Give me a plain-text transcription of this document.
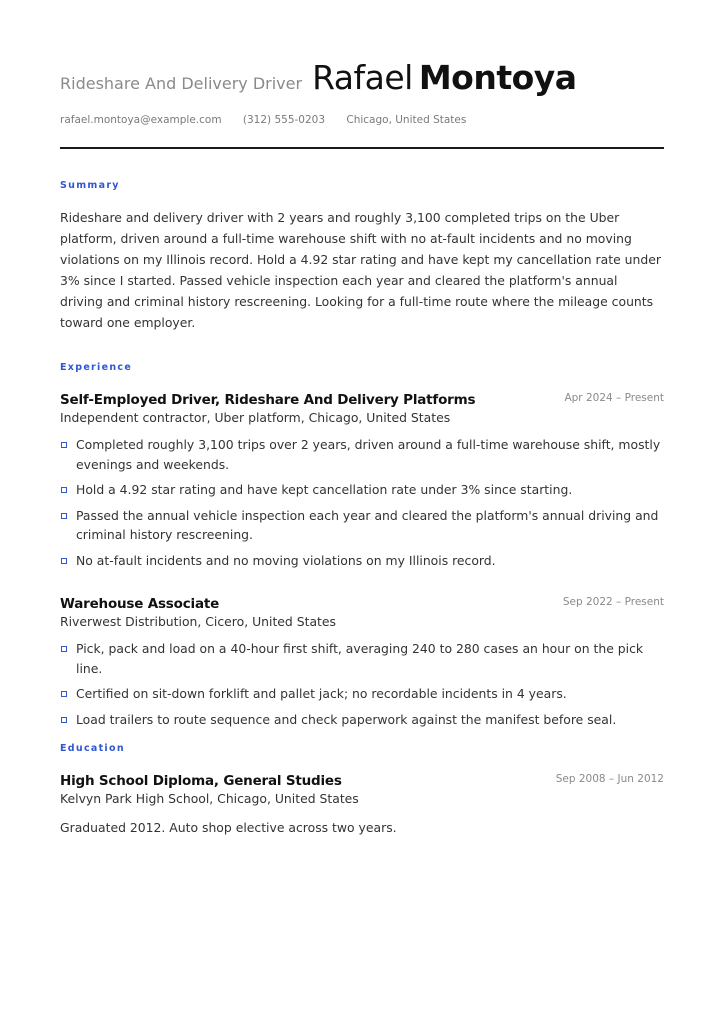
Rideshare And Delivery Driver Rafael Montoya
rafael.montoya@example.com (312) 555-0203 Chicago, United States
Summary
Rideshare and delivery driver with 2 years and roughly 3,100 completed trips on the Uber platform, driven around a full-time warehouse shift with no at-fault incidents and no moving violations on my Illinois record. Hold a 4.92 star rating and have kept my cancellation rate under 3% since I started. Passed vehicle inspection each year and cleared the platform's annual driving and criminal history rescreening. Looking for a full-time route where the mileage counts toward one employer.
Experience
Self-Employed Driver, Rideshare And Delivery Platforms	Apr 2024 – Present
Independent contractor, Uber platform, Chicago, United States
Completed roughly 3,100 trips over 2 years, driven around a full-time warehouse shift, mostly evenings and weekends.
Hold a 4.92 star rating and have kept cancellation rate under 3% since starting.
Passed the annual vehicle inspection each year and cleared the platform's annual driving and criminal history rescreening.
No at-fault incidents and no moving violations on my Illinois record.
Warehouse Associate	Sep 2022 – Present
Riverwest Distribution, Cicero, United States
Pick, pack and load on a 40-hour first shift, averaging 240 to 280 cases an hour on the pick line.
Certified on sit-down forklift and pallet jack; no recordable incidents in 4 years.
Load trailers to route sequence and check paperwork against the manifest before seal.
Education
High School Diploma, General Studies	Sep 2008 – Jun 2012
Kelvyn Park High School, Chicago, United States
Graduated 2012. Auto shop elective across two years.
